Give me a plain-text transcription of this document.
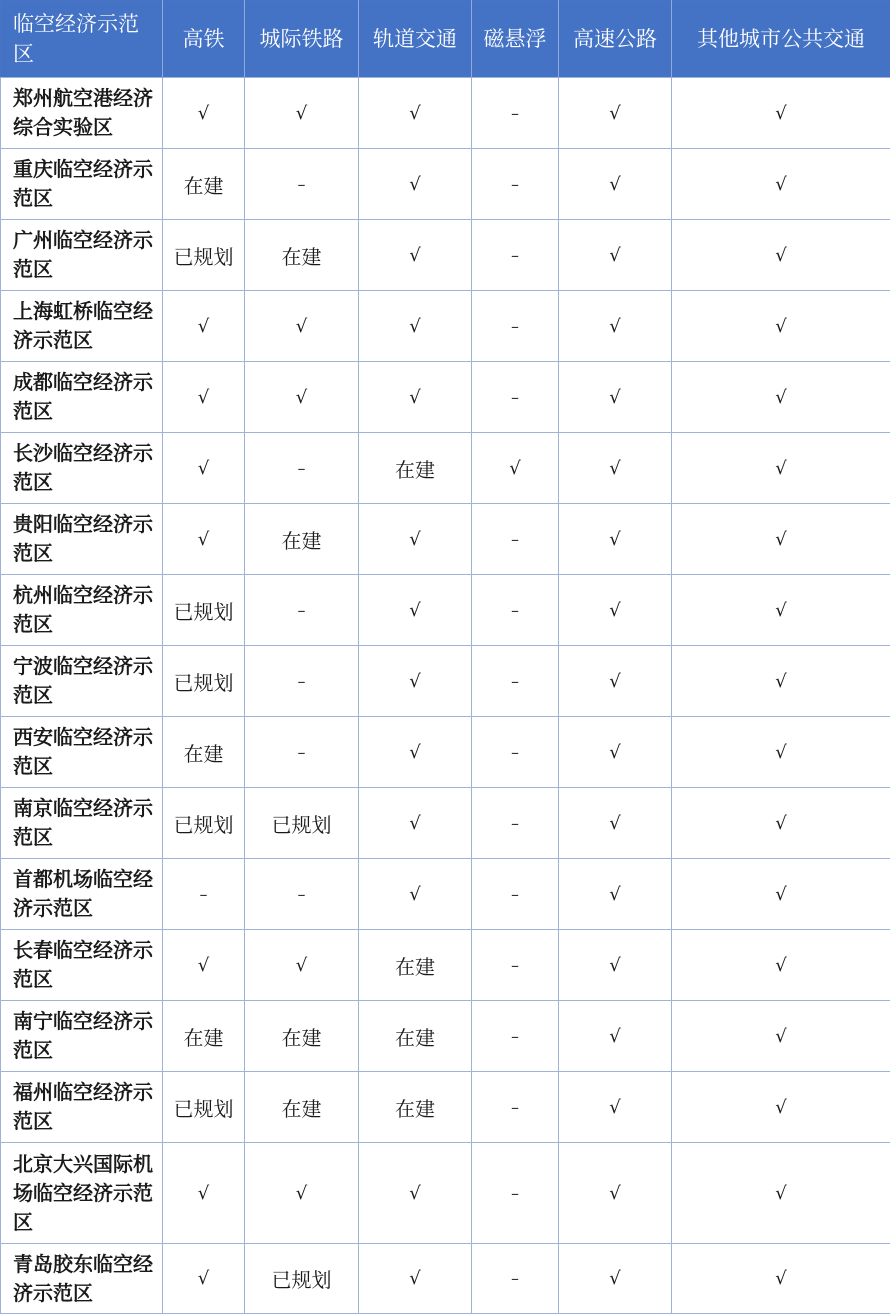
临空经济示范区	高铁	城际铁路	轨道交通	磁悬浮	高速公路	其他城市公共交通
郑州航空港经济综合实验区	√	√	√	–	√	√
重庆临空经济示范区	在建	–	√	–	√	√
广州临空经济示范区	已规划	在建	√	–	√	√
上海虹桥临空经济示范区	√	√	√	–	√	√
成都临空经济示范区	√	√	√	–	√	√
长沙临空经济示范区	√	–	在建	√	√	√
贵阳临空经济示范区	√	在建	√	–	√	√
杭州临空经济示范区	已规划	–	√	–	√	√
宁波临空经济示范区	已规划	–	√	–	√	√
西安临空经济示范区	在建	–	√	–	√	√
南京临空经济示范区	已规划	已规划	√	–	√	√
首都机场临空经济示范区	–	–	√	–	√	√
长春临空经济示范区	√	√	在建	–	√	√
南宁临空经济示范区	在建	在建	在建	–	√	√
福州临空经济示范区	已规划	在建	在建	–	√	√
北京大兴国际机场临空经济示范区	√	√	√	–	√	√
青岛胶东临空经济示范区	√	已规划	√	–	√	√
